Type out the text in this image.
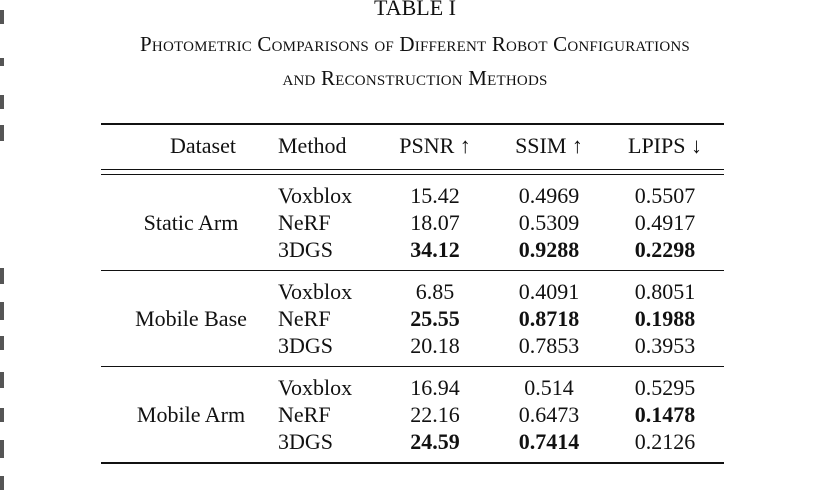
TABLE I
Photometric Comparisons of Different Robot Configurations
and Reconstruction Methods
Dataset Method	PSNR ↑	SSIM ↑	LPIPS ↓
Static Arm
Voxblox	15.42	0.4969	0.5507
NeRF	18.07	0.5309	0.4917
3DGS	34.12	0.9288	0.2298
Mobile Base
Voxblox	6.85	0.4091	0.8051
NeRF	25.55	0.8718	0.1988
3DGS	20.18	0.7853	0.3953
Mobile Arm
Voxblox	16.94	0.514	0.5295
NeRF	22.16	0.6473	0.1478
3DGS	24.59	0.7414	0.2126
